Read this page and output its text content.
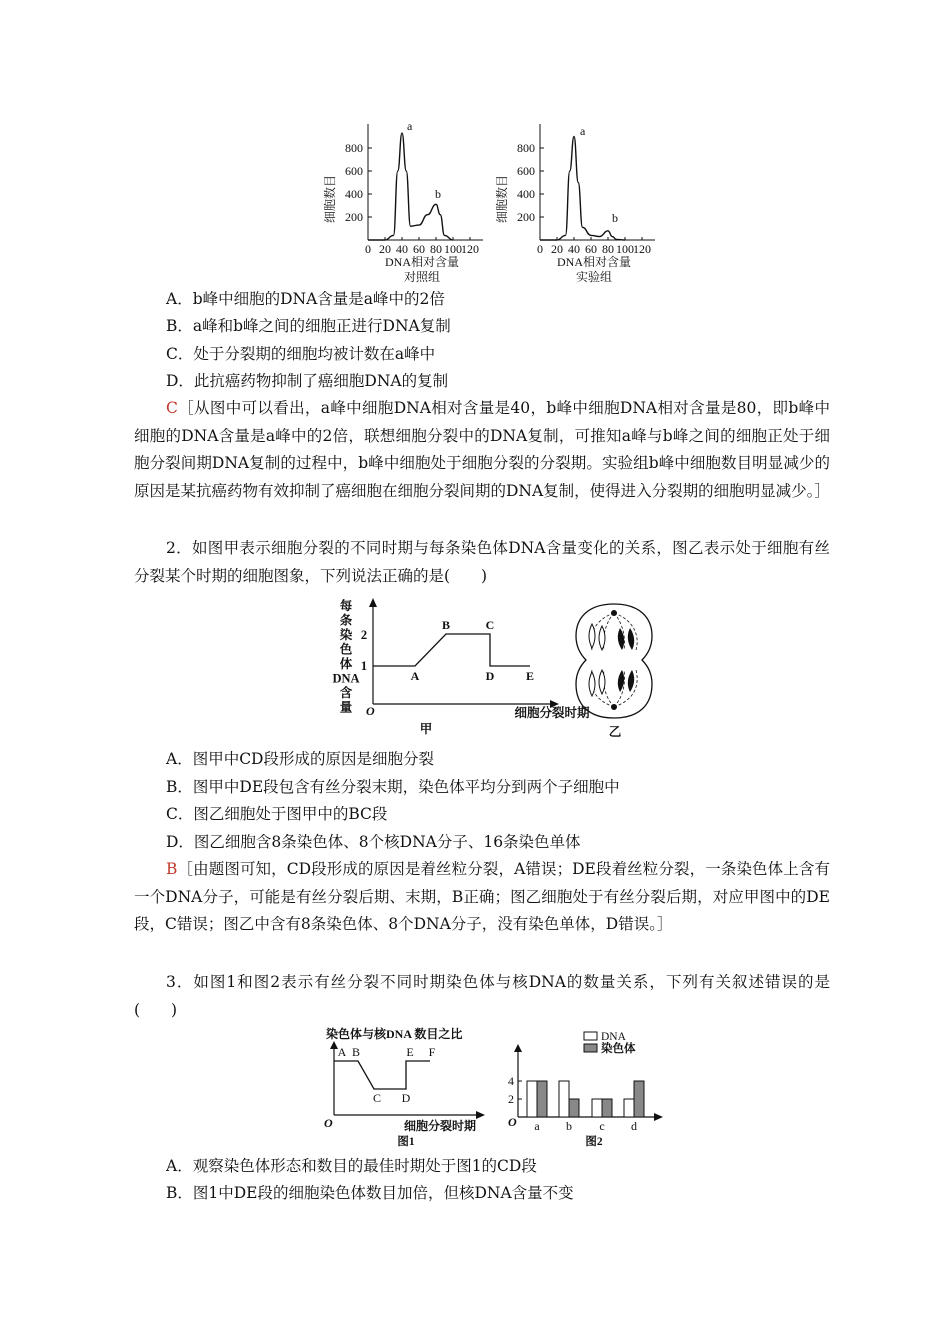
细胞数目
800
600
400
200
0 20 40 60 80 100 120
a
b
DNA相对含量
对照组
细胞数目
800
600
400
200
0 20 40 60 80 100 120
a
b
DNA相对含量
实验组
A．b峰中细胞的DNA含量是a峰中的2倍
B．a峰和b峰之间的细胞正进行DNA复制
C．处于分裂期的细胞均被计数在a峰中
D．此抗癌药物抑制了癌细胞DNA的复制
C［从图中可以看出，a峰中细胞DNA相对含量是40，b峰中细胞DNA相对含量是80，即b峰中细胞的DNA含量是a峰中的2倍，联想细胞分裂中的DNA复制，可推知a峰与b峰之间的细胞正处于细胞分裂间期DNA复制的过程中，b峰中细胞处于细胞分裂的分裂期。实验组b峰中细胞数目明显减少的原因是某抗癌药物有效抑制了癌细胞在细胞分裂间期的DNA复制，使得进入分裂期的细胞明显减少。］
2．如图甲表示细胞分裂的不同时期与每条染色体DNA含量变化的关系，图乙表示处于细胞有丝分裂某个时期的细胞图象，下列说法正确的是(　　)
每条染色体 DNA 含量	O
2
1
A
B	C
D	E
细胞分裂时期
甲	乙
A．图甲中CD段形成的原因是细胞分裂
B．图甲中DE段包含有丝分裂末期，染色体平均分到两个子细胞中
C．图乙细胞处于图甲中的BC段
D．图乙细胞含8条染色体、8个核DNA分子、16条染色单体
B［由题图可知，CD段形成的原因是着丝粒分裂，A错误；DE段着丝粒分裂，一条染色体上含有一个DNA分子，可能是有丝分裂后期、末期，B正确；图乙细胞处于有丝分裂后期，对应甲图中的DE段，C错误；图乙中含有8条染色体、8个DNA分子，没有染色单体，D错误。］
3．如图1和图2表示有丝分裂不同时期染色体与核DNA的数量关系，下列有关叙述错误的是(　　)
染色体与核DNA 数目之比
O
A B
C D
E F
细胞分裂时期
图1
DNA
染色体
O
4
2
a b c d
图2
A．观察染色体形态和数目的最佳时期处于图1的CD段
B．图1中DE段的细胞染色体数目加倍，但核DNA含量不变
